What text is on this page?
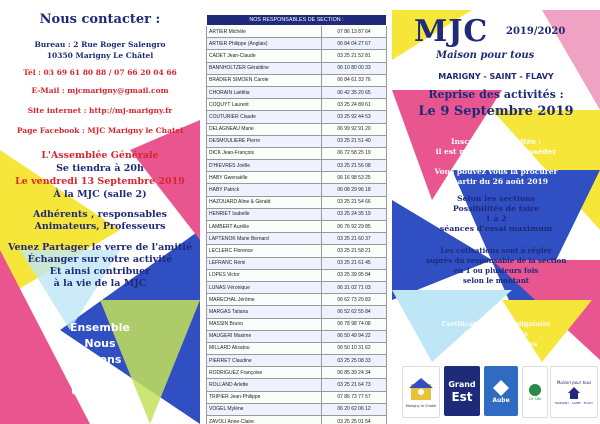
Nous contacter :
Bureau : 2 Rue Roger Salengro
10350 Marigny Le Châtel
Tél : 03 69 61 80 88 / 07 66 20 04 66
E-Mail : mjcmarigny@gmail.com
Site internet : http://mj-marigny.fr
Page Facebook : MJC Marigny le Chatel
L'Assemblée Générale
Se tiendra à 20h
Le vendredi 13 Septembre 2019
À la MJC (salle 2)
Adhérents , responsables
Animateurs, Professeurs
Venez Partager le verre de l'amitié
Échanger sur votre activité
Et ainsi contribuer
à la vie de la MJC
Ensemble
Nous
Serons
Plus
Créatifs !
NOS RESPONSABLES DE SECTION :	
ARTIER Michèle	07 86 13 87 64
ARTIER Philippe (Anglais)	06 84 04 27 67
CADET Jean-Claude	03 25 21 52 81
BANNHOLTZER Géraldine	06 10 80 00 33
BRADIER SIMOEN Carole	06 84 61 33 76
CHORAIN Laëtitia	06 42 35 20 65
COQUYT Laurent	03 25 24 89 61
COUTURIER Claude	03 25 92 44 53
DELAGNEAU Marie	06 99 92 91 20
DESMOULIERE Pierre	03 25 21 51 40
DICK Jean-François	06 72 58 25 19
D'HIEVRES Joëlle	03 25 21 56 08
HABY Gwenaëlle	06 16 98 53 25
HABY Patrick	06 08 29 96 18
HAZOUARD Aline & Gérald	03 25 21 54 66
HENRIET Isabelle	03 25 24 35 19
LAMBERT Aurélie	06 76 92 29 85
LAPTENOK Marie Bernard	03 25 21 60 37
LECLERC Florence	03 25 21 58 21
LEFRANC Rémi	03 25 21 61 45
LOPES Victor	03 25 39 95 84
LUNAS Véronique	06 31 02 71 03
MARECHAL Jérôme	06 62 73 20 83
MARGAS Tatiana	06 52 62 55 84
MASSIN Bruno	06 78 98 74 08
MAUGERI Maxime	06 50 49 94 22
MILLARD Alisatou	06 50 10 31 62
PIERRET Claudine	03 25 25 08 33
RODRIGUEZ Françoise	06 85 39 24 34
ROLLAND Arlette	03 25 21 64 73
TRIPIER Jean-Philippe	07 86 73 77 57
VOGEL Mylène	06 20 62 06 12
ZAVOLI Anne-Claire	03 25 25 01 54
MJC 2019/2020
Maison pour tous
MARIGNY - SAINT - FLAVY
Reprise des activités :
Le 9 Septembre 2019
Inscription activités :
il est nécessaire de posséder
la carte « mjc »
Vous pouvez vous la procurer
À partir du 26 août 2019
Selon les sections
Possibilités de faire
1 à 2
séances d'essai maximum
Les cotisations sont à régler
auprès du responsable de la section
en 1 ou plusieurs fois
selon le montant
Certificat médical obligatoire
Pour les activités
Physiques et sportives
Marigny le Chatel
Grand
Est	Aube	Ce Site
Maison pour tous
MARIGNY · SAINT · FLAVY
